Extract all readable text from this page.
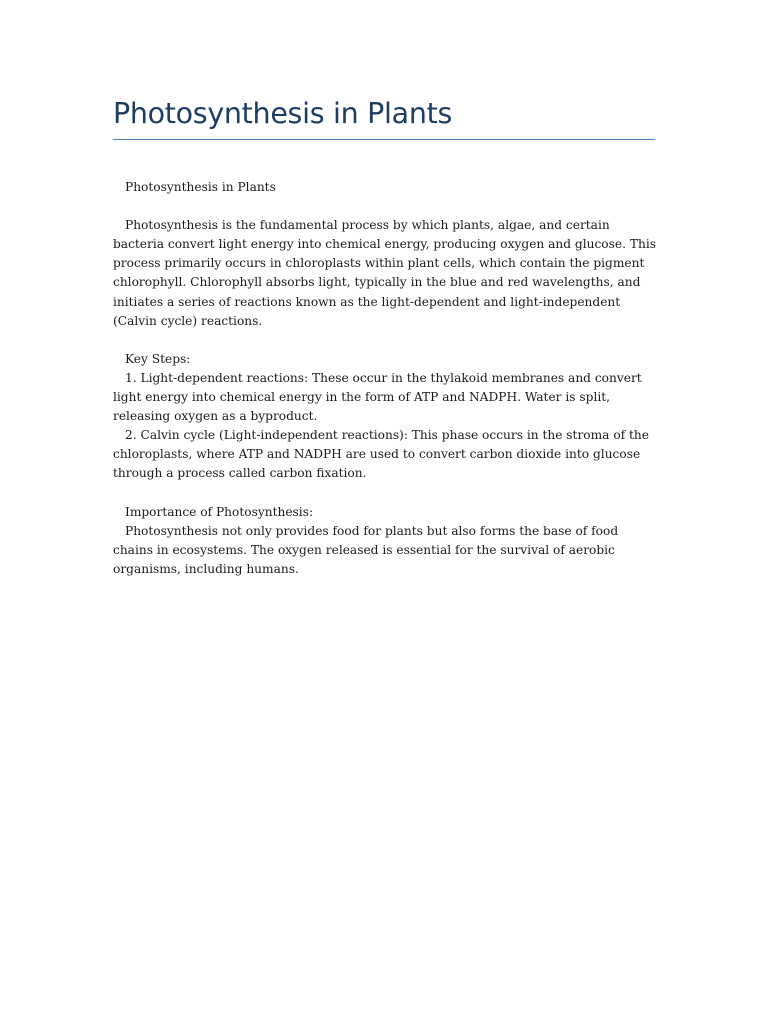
Photosynthesis in Plants

Photosynthesis in Plants

Photosynthesis is the fundamental process by which plants, algae, and certain bacteria convert light energy into chemical energy, producing oxygen and glucose. This process primarily occurs in chloroplasts within plant cells, which contain the pigment chlorophyll. Chlorophyll absorbs light, typically in the blue and red wavelengths, and initiates a series of reactions known as the light-dependent and light-independent (Calvin cycle) reactions.

Key Steps:

1. Light-dependent reactions: These occur in the thylakoid membranes and convert light energy into chemical energy in the form of ATP and NADPH. Water is split, releasing oxygen as a byproduct.

2. Calvin cycle (Light-independent reactions): This phase occurs in the stroma of the chloroplasts, where ATP and NADPH are used to convert carbon dioxide into glucose through a process called carbon fixation.

Importance of Photosynthesis:

Photosynthesis not only provides food for plants but also forms the base of food chains in ecosystems. The oxygen released is essential for the survival of aerobic organisms, including humans.
